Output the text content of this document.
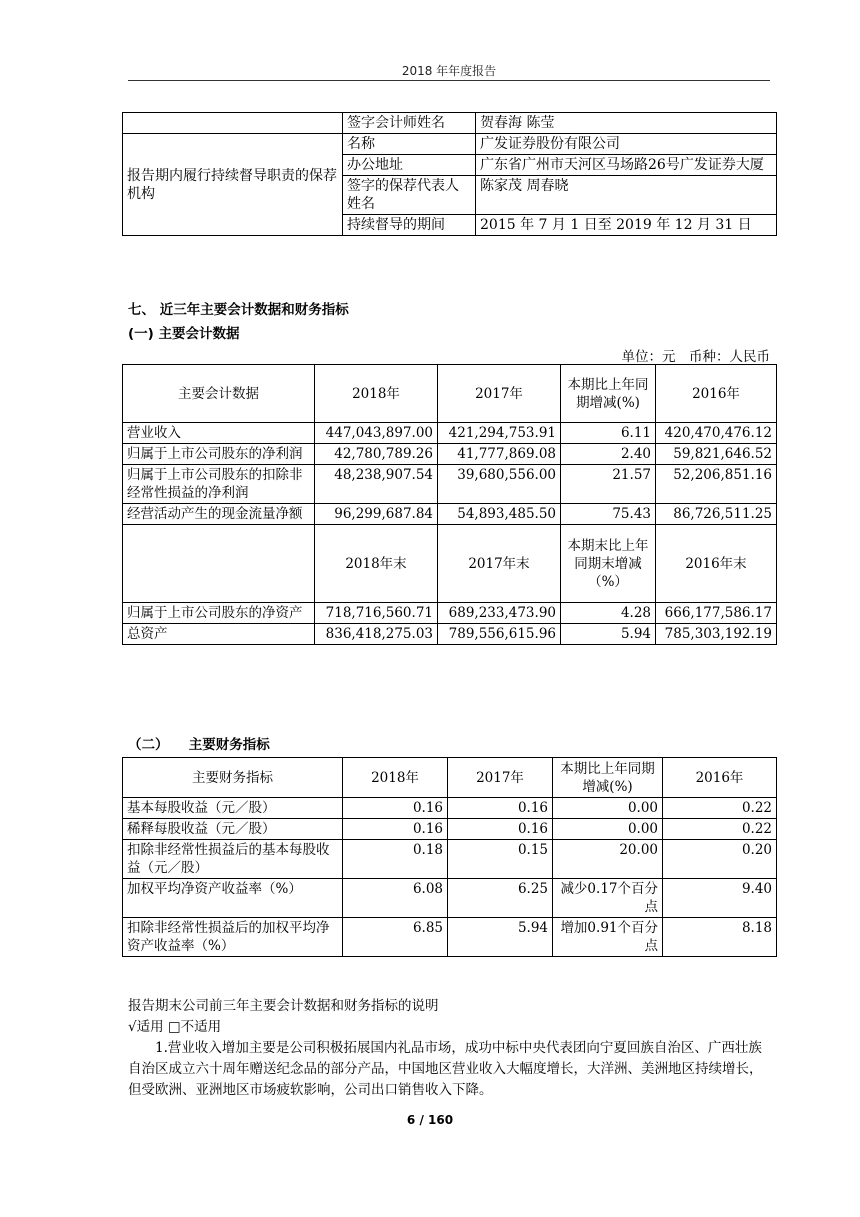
2018 年年度报告
	签字会计师姓名	贺春海 陈莹
报告期内履行持续督导职责的保荐机构	名称	广发证券股份有限公司
	办公地址	广东省广州市天河区马场路26号广发证券大厦
	签字的保荐代表人姓名	陈家茂 周春晓
	持续督导的期间	2015 年 7 月 1 日至 2019 年 12 月 31 日
七、 近三年主要会计数据和财务指标
(一) 主要会计数据
单位：元　币种：人民币
主要会计数据	2018年	2017年	本期比上年同期增减(%)	2016年
营业收入	447,043,897.00	421,294,753.91	6.11	420,470,476.12
归属于上市公司股东的净利润	42,780,789.26	41,777,869.08	2.40	59,821,646.52
归属于上市公司股东的扣除非经常性损益的净利润	48,238,907.54	39,680,556.00	21.57	52,206,851.16
经营活动产生的现金流量净额	96,299,687.84	54,893,485.50	75.43	86,726,511.25
	2018年末	2017年末	本期末比上年同期末增减（%）	2016年末
归属于上市公司股东的净资产	718,716,560.71	689,233,473.90	4.28	666,177,586.17
总资产	836,418,275.03	789,556,615.96	5.94	785,303,192.19
（二）　　主要财务指标
主要财务指标	2018年	2017年	本期比上年同期增减(%)	2016年
基本每股收益（元／股）	0.16	0.16	0.00	0.22
稀释每股收益（元／股）	0.16	0.16	0.00	0.22
扣除非经常性损益后的基本每股收益（元／股）	0.18	0.15	20.00	0.20
加权平均净资产收益率（%）	6.08	6.25	减少0.17个百分点	9.40
扣除非经常性损益后的加权平均净资产收益率（%）	6.85	5.94	增加0.91个百分点	8.18
报告期末公司前三年主要会计数据和财务指标的说明
√适用 □不适用
1.营业收入增加主要是公司积极拓展国内礼品市场，成功中标中央代表团向宁夏回族自治区、广西壮族自治区成立六十周年赠送纪念品的部分产品，中国地区营业收入大幅度增长，大洋洲、美洲地区持续增长，但受欧洲、亚洲地区市场疲软影响，公司出口销售收入下降。
6 / 160
